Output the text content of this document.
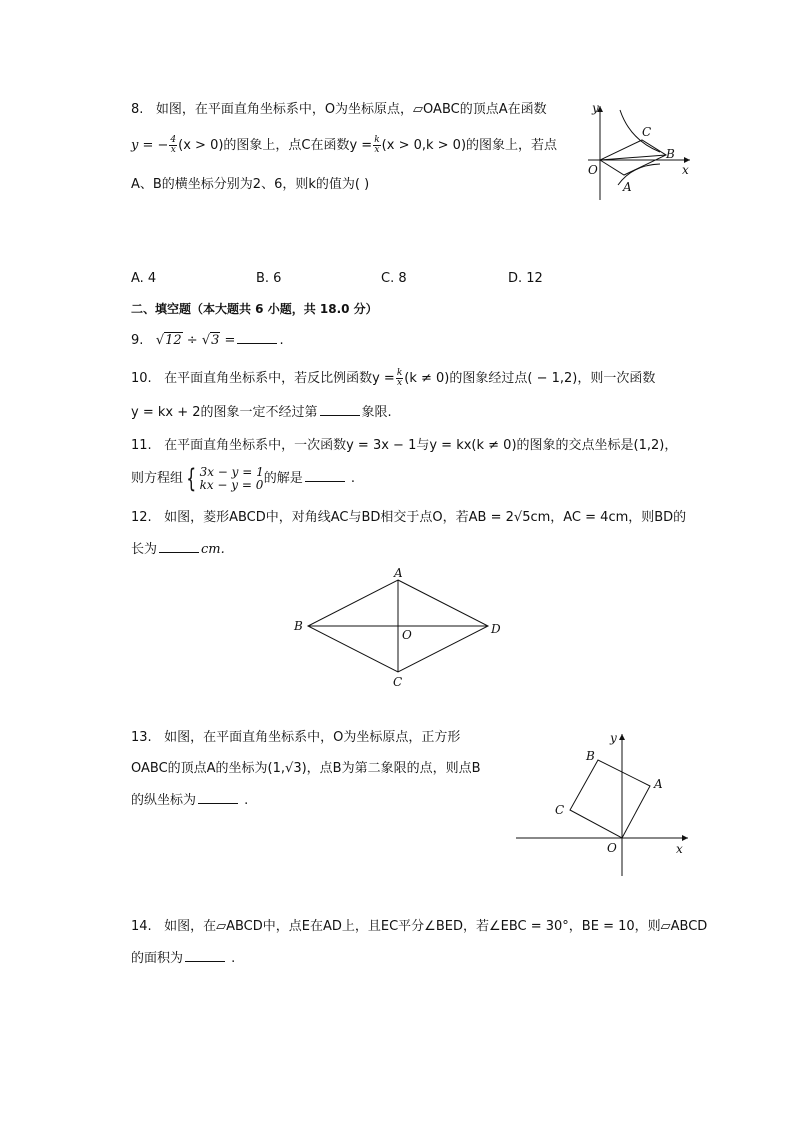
8. 如图，在平面直角坐标系中，O为坐标原点，▱OABC的顶点A在函数
y = − $\frac{4}{x} (x > 0)$的图象上，点C在函数$y = \frac{k}{x} (x > 0,k > 0)$的图象上，若点
A、B的横坐标分别为2、6，则k的值为( )
y
x
O
A
B
C
A. 4	B. 6	C. 8	D. 12
二、填空题（本大题共 6 小题，共 18.0 分）
9. √12 ÷ √3 =	.
10. 在平面直角坐标系中，若反比例函数$y = \frac{k}{x} (k \ne 0)$的图象经过点( − 1,2)，则一次函数
y = kx + 2的图象一定不经过第	象限.
11. 在平面直角坐标系中，一次函数y = 3x − 1与y = kx(k ≠ 0)的图象的交点坐标是(1,2)，
则方程组 { 3x − y = 1
kx − y = 0 的解是	.
12. 如图，菱形ABCD中，对角线AC与BD相交于点O，若AB = 2√5cm，AC = 4cm，则BD的
长为	cm.
A
B
C
D
O
13. 如图，在平面直角坐标系中，O为坐标原点，正方形
OABC的顶点A的坐标为(1,√3)，点B为第二象限的点，则点B
的纵坐标为	.
y
x
O
A
B
C
14. 如图，在▱ABCD中，点E在AD上，且EC平分∠BED，若∠EBC = 30°，BE = 10，则▱ABCD
的面积为	.
